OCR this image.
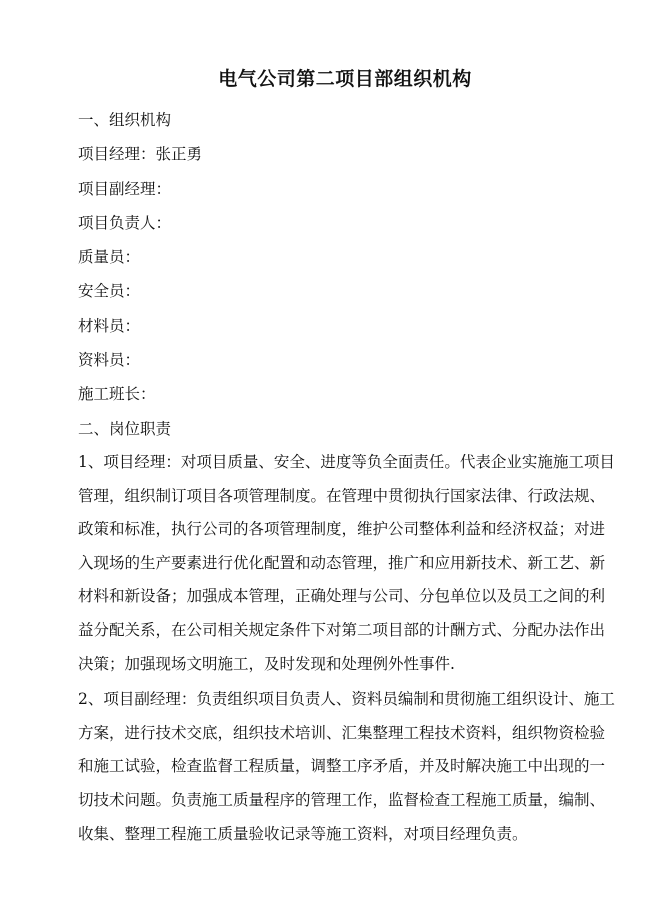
电气公司第二项目部组织机构
一、组织机构
项目经理：张正勇
项目副经理：
项目负责人：
质量员：
安全员：
材料员：
资料员：
施工班长：
二、岗位职责
1、项目经理：对项目质量、安全、进度等负全面责任。代表企业实施施工项目
管理，组织制订项目各项管理制度。在管理中贯彻执行国家法律、行政法规、
政策和标准，执行公司的各项管理制度，维护公司整体利益和经济权益；对进
入现场的生产要素进行优化配置和动态管理，推广和应用新技术、新工艺、新
材料和新设备；加强成本管理，正确处理与公司、分包单位以及员工之间的利
益分配关系，在公司相关规定条件下对第二项目部的计酬方式、分配办法作出
决策；加强现场文明施工，及时发现和处理例外性事件.
2、项目副经理：负责组织项目负责人、资料员编制和贯彻施工组织设计、施工
方案，进行技术交底，组织技术培训、汇集整理工程技术资料，组织物资检验
和施工试验，检查监督工程质量，调整工序矛盾，并及时解决施工中出现的一
切技术问题。负责施工质量程序的管理工作，监督检查工程施工质量，编制、
收集、整理工程施工质量验收记录等施工资料，对项目经理负责。
